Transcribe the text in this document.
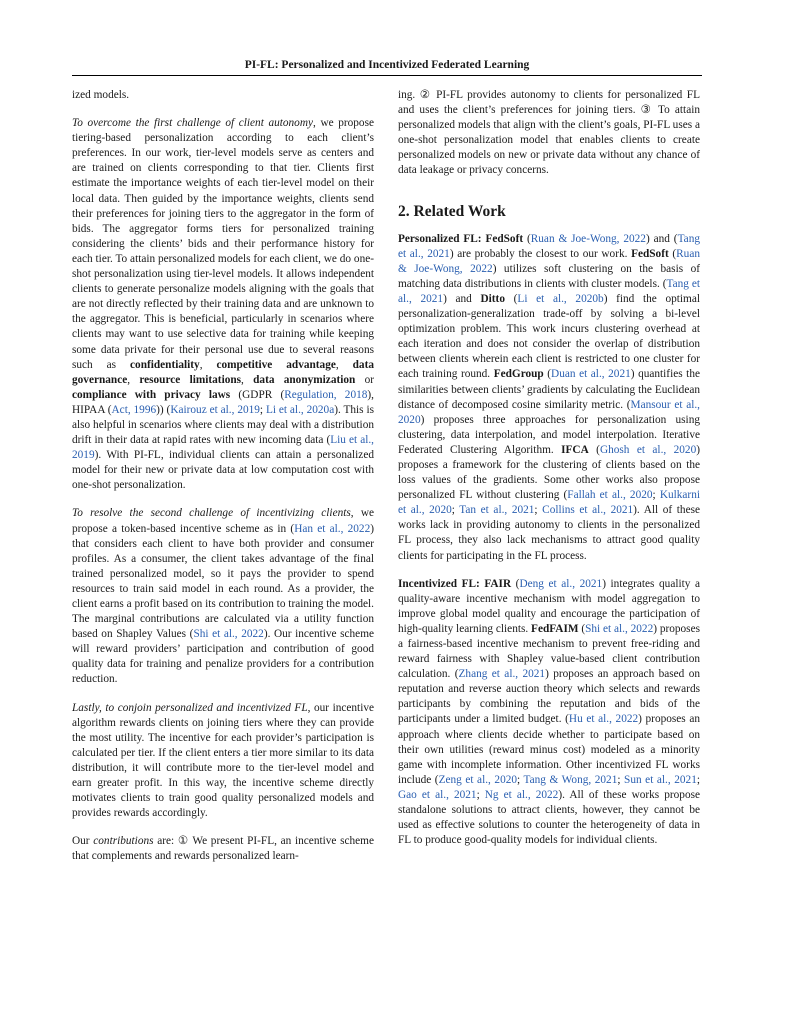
PI-FL: Personalized and Incentivized Federated Learning

ized models.

To overcome the first challenge of client autonomy, we propose tiering-based personalization according to each client’s preferences. In our work, tier-level models serve as centers and are trained on clients corresponding to that tier. Clients first estimate the importance weights of each tier-level model on their local data. Then guided by the importance weights, clients send their preferences for joining tiers to the aggregator in the form of bids. The aggregator forms tiers for personalized training considering the clients’ bids and their performance history for each tier. To attain personalized models for each client, we do one-shot personalization using tier-level models. It allows independent clients to generate personalize models aligning with the goals that are not directly reflected by their training data and are unknown to the aggregator. This is beneficial, particularly in scenarios where clients may want to use selective data for training while keeping some data private for their personal use due to several reasons such as confidentiality, competitive advantage, data governance, resource limitations, data anonymization or compliance with privacy laws (GDPR (Regulation, 2018), HIPAA (Act, 1996)) (Kairouz et al., 2019; Li et al., 2020a). This is also helpful in scenarios where clients may deal with a distribution drift in their data at rapid rates with new incoming data (Liu et al., 2019). With PI-FL, individual clients can attain a personalized model for their new or private data at low computation cost with one-shot personalization.

To resolve the second challenge of incentivizing clients, we propose a token-based incentive scheme as in (Han et al., 2022) that considers each client to have both provider and consumer profiles. As a consumer, the client takes advantage of the final trained personalized model, so it pays the provider to spend resources to train said model in each round. As a provider, the client earns a profit based on its contribution to training the model. The marginal contributions are calculated via a utility function based on Shapley Values (Shi et al., 2022). Our incentive scheme will reward providers’ participation and contribution of good quality data for training and penalize providers for a contribution reduction.

Lastly, to conjoin personalized and incentivized FL, our incentive algorithm rewards clients on joining tiers where they can provide the most utility. The incentive for each provider’s participation is calculated per tier. If the client enters a tier more similar to its data distribution, it will contribute more to the tier-level model and earn greater profit. In this way, the incentive scheme directly motivates clients to train good quality personalized models and provides rewards accordingly.

Our contributions are: ① We present PI-FL, an incentive scheme that complements and rewards personalized learn-

ing. ② PI-FL provides autonomy to clients for personalized FL and uses the client’s preferences for joining tiers. ③ To attain personalized models that align with the client’s goals, PI-FL uses a one-shot personalization model that enables clients to create personalized models on new or private data without any chance of data leakage or privacy concerns.

2. Related Work

Personalized FL: FedSoft (Ruan & Joe-Wong, 2022) and (Tang et al., 2021) are probably the closest to our work. FedSoft (Ruan & Joe-Wong, 2022) utilizes soft clustering on the basis of matching data distributions in clients with cluster models. (Tang et al., 2021) and Ditto (Li et al., 2020b) find the optimal personalization-generalization trade-off by solving a bi-level optimization problem. This work incurs clustering overhead at each iteration and does not consider the overlap of distribution between clients wherein each client is restricted to one cluster for each training round. FedGroup (Duan et al., 2021) quantifies the similarities between clients’ gradients by calculating the Euclidean distance of decomposed cosine similarity metric. (Mansour et al., 2020) proposes three approaches for personalization using clustering, data interpolation, and model interpolation. Iterative Federated Clustering Algorithm. IFCA (Ghosh et al., 2020) proposes a framework for the clustering of clients based on the loss values of the gradients. Some other works also propose personalized FL without clustering (Fallah et al., 2020; Kulkarni et al., 2020; Tan et al., 2021; Collins et al., 2021). All of these works lack in providing autonomy to clients in the personalized FL process, they also lack mechanisms to attract good quality clients for participating in the FL process.

Incentivized FL: FAIR (Deng et al., 2021) integrates quality a quality-aware incentive mechanism with model aggregation to improve global model quality and encourage the participation of high-quality learning clients. FedFAIM (Shi et al., 2022) proposes a fairness-based incentive mechanism to prevent free-riding and reward fairness with Shapley value-based client contribution calculation. (Zhang et al., 2021) proposes an approach based on reputation and reverse auction theory which selects and rewards participants by combining the reputation and bids of the participants under a limited budget. (Hu et al., 2022) proposes an approach where clients decide whether to participate based on their own utilities (reward minus cost) modeled as a minority game with incomplete information. Other incentivized FL works include (Zeng et al., 2020; Tang & Wong, 2021; Sun et al., 2021; Gao et al., 2021; Ng et al., 2022). All of these works propose standalone solutions to attract clients, however, they cannot be used as effective solutions to counter the heterogeneity of data in FL to produce good-quality models for individual clients.
